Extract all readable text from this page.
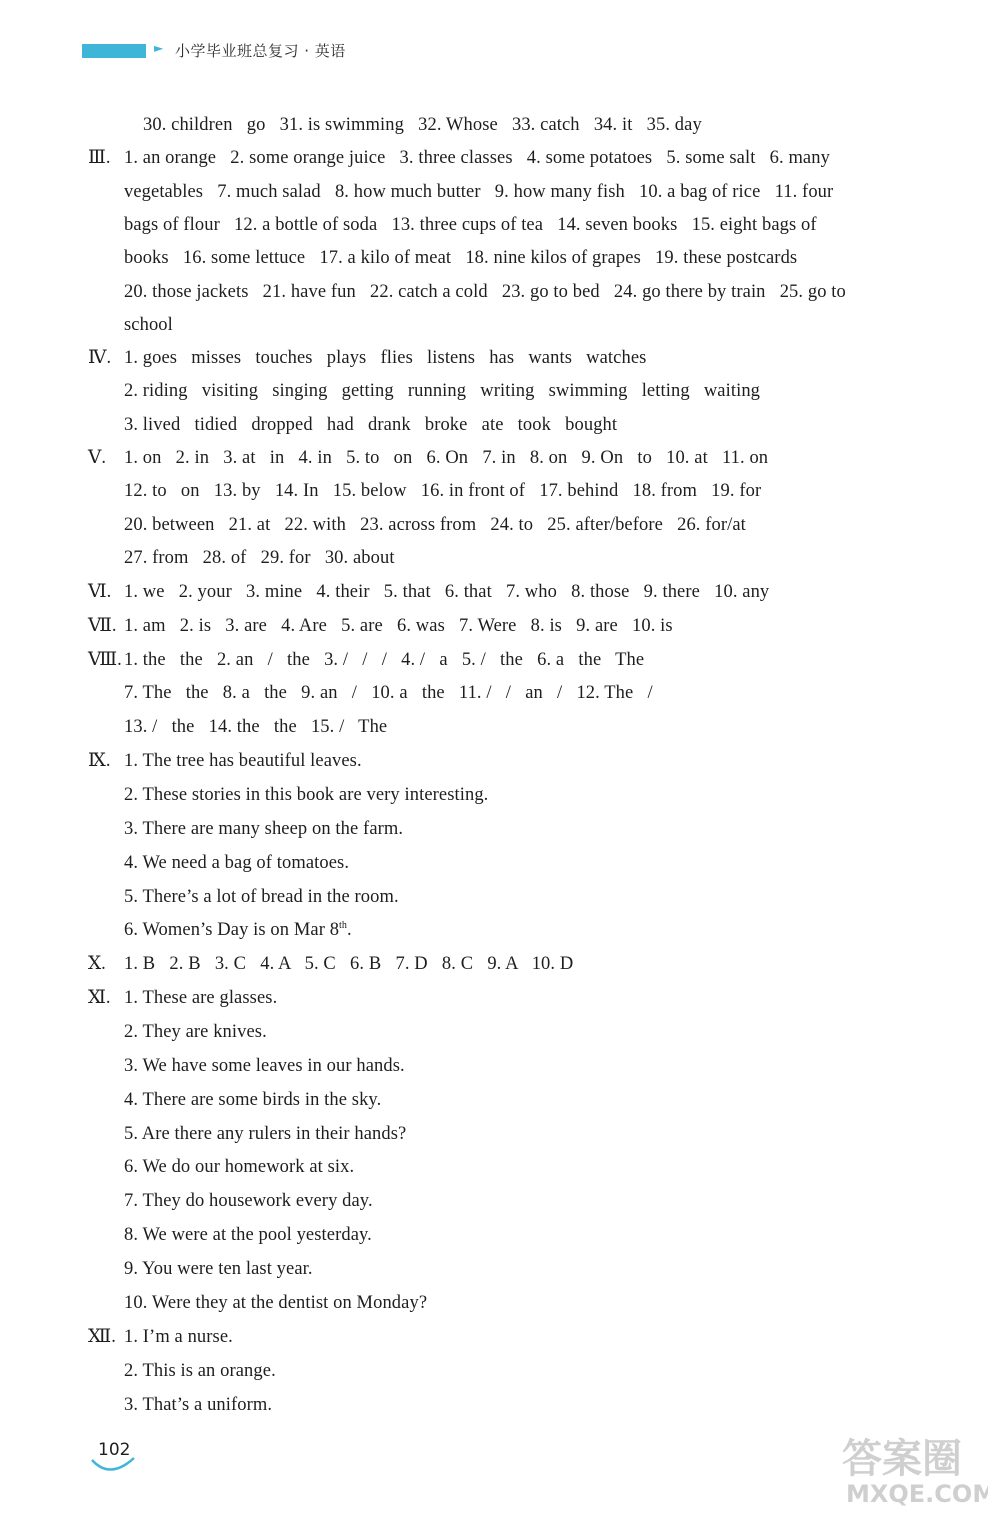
► 小学毕业班总复习 · 英语
30. children   go   31. is swimming   32. Whose   33. catch   34. it   35. day
Ⅲ. 1. an orange   2. some orange juice   3. three classes   4. some potatoes   5. some salt   6. many
vegetables   7. much salad   8. how much butter   9. how many fish   10. a bag of rice   11. four
bags of flour   12. a bottle of soda   13. three cups of tea   14. seven books   15. eight bags of
books   16. some lettuce   17. a kilo of meat   18. nine kilos of grapes   19. these postcards
20. those jackets   21. have fun   22. catch a cold   23. go to bed   24. go there by train   25. go to
school
Ⅳ. 1. goes   misses   touches   plays   flies   listens   has   wants   watches
2. riding   visiting   singing   getting   running   writing   swimming   letting   waiting
3. lived   tidied   dropped   had   drank   broke   ate   took   bought
Ⅴ. 1. on   2. in   3. at   in   4. in   5. to   on   6. On   7. in   8. on   9. On   to   10. at   11. on
12. to   on   13. by   14. In   15. below   16. in front of   17. behind   18. from   19. for
20. between   21. at   22. with   23. across from   24. to   25. after/before   26. for/at
27. from   28. of   29. for   30. about
Ⅵ. 1. we   2. your   3. mine   4. their   5. that   6. that   7. who   8. those   9. there   10. any
Ⅶ. 1. am   2. is   3. are   4. Are   5. are   6. was   7. Were   8. is   9. are   10. is
Ⅷ. 1. the   the   2. an   /   the   3. /   /   /   4. /   a   5. /   the   6. a   the   The
7. The   the   8. a   the   9. an   /   10. a   the   11. /   /   an   /   12. The   /
13. /   the   14. the   the   15. /   The
Ⅸ. 1. The tree has beautiful leaves.
2. These stories in this book are very interesting.
3. There are many sheep on the farm.
4. We need a bag of tomatoes.
5. There’s a lot of bread in the room.
6. Women’s Day is on Mar 8th.
Ⅹ. 1. B   2. B   3. C   4. A   5. C   6. B   7. D   8. C   9. A   10. D
Ⅺ. 1. These are glasses.
2. They are knives.
3. We have some leaves in our hands.
4. There are some birds in the sky.
5. Are there any rulers in their hands?
6. We do our homework at six.
7. They do housework every day.
8. We were at the pool yesterday.
9. You were ten last year.
10. Were they at the dentist on Monday?
Ⅻ. 1. I’m a nurse.
2. This is an orange.
3. That’s a uniform.
102	答案圈
MXQE.COM
